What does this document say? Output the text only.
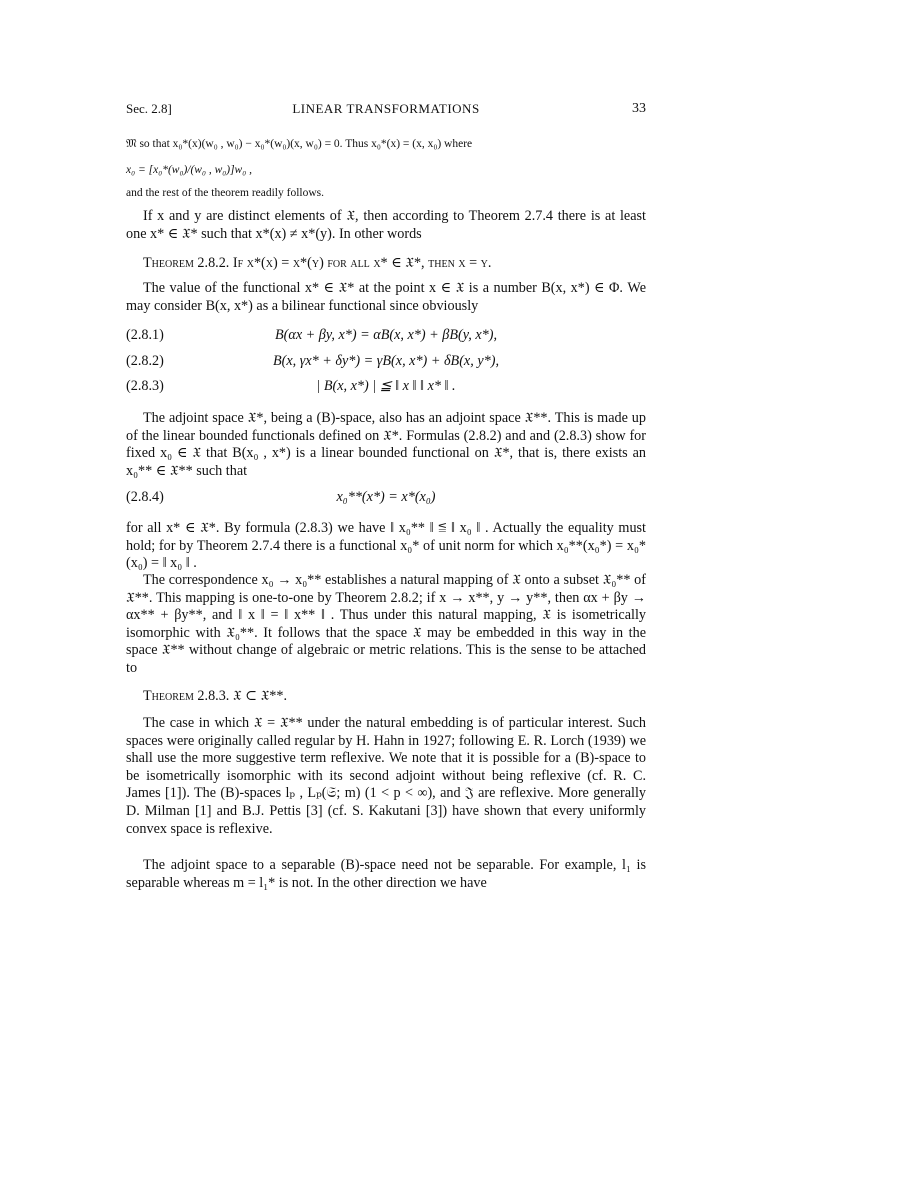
Sec. 2.8]	LINEAR TRANSFORMATIONS	33
𝔐 so that x₀*(x)(w₀ , w₀) − x₀*(w₀)(x, w₀) = 0. Thus x₀*(x) = (x, x₀) where
x₀ = [x₀*(w₀)/(w₀ , w₀)]w₀ ,
and the rest of the theorem readily follows.
If x and y are distinct elements of 𝔛, then according to Theorem 2.7.4 there is at least one x* ∈ 𝔛* such that x*(x) ≠ x*(y). In other words
Theorem 2.8.2. If x*(x) = x*(y) for all x* ∈ 𝔛*, then x = y.
The value of the functional x* ∈ 𝔛* at the point x ∈ 𝔛 is a number B(x, x*) ∈ Φ. We may consider B(x, x*) as a bilinear functional since obviously
(2.8.1)	B(αx + βy, x*) = αB(x, x*) + βB(y, x*),
(2.8.2)	B(x, γx* + δy*) = γB(x, x*) + δB(x, y*),
(2.8.3)	| B(x, x*) | ≦ ‖ x ‖ ‖ x* ‖ .
The adjoint space 𝔛*, being a (B)-space, also has an adjoint space 𝔛**. This is made up of the linear bounded functionals defined on 𝔛*. Formulas (2.8.2) and and (2.8.3) show for fixed x₀ ∈ 𝔛 that B(x₀ , x*) is a linear bounded functional on 𝔛*, that is, there exists an x₀** ∈ 𝔛** such that
(2.8.4)	x₀**(x*) = x*(x₀)
for all x* ∈ 𝔛*. By formula (2.8.3) we have ‖ x₀** ‖ ≦ ‖ x₀ ‖ . Actually the equality must hold; for by Theorem 2.7.4 there is a functional x₀* of unit norm for which x₀**(x₀*) = x₀*(x₀) = ‖ x₀ ‖ .
The correspondence x₀ → x₀** establishes a natural mapping of 𝔛 onto a subset 𝔛₀** of 𝔛**. This mapping is one-to-one by Theorem 2.8.2; if x → x**, y → y**, then αx + βy → αx** + βy**, and ‖ x ‖ = ‖ x** ‖ . Thus under this natural mapping, 𝔛 is isometrically isomorphic with 𝔛₀**. It follows that the space 𝔛 may be embedded in this way in the space 𝔛** without change of algebraic or metric relations. This is the sense to be attached to
Theorem 2.8.3. 𝔛 ⊂ 𝔛**.
The case in which 𝔛 = 𝔛** under the natural embedding is of particular interest. Such spaces were originally called regular by H. Hahn in 1927; following E. R. Lorch (1939) we shall use the more suggestive term reflexive. We note that it is possible for a (B)-space to be isometrically isomorphic with its second adjoint without being reflexive (cf. R. C. James [1]). The (B)-spaces lₚ , Lₚ(𝔖; m) (1 < p < ∞), and 𝔍 are reflexive. More generally D. Milman [1] and B.J. Pettis [3] (cf. S. Kakutani [3]) have shown that every uniformly convex space is reflexive.
The adjoint space to a separable (B)-space need not be separable. For example, l₁ is separable whereas m = l₁* is not. In the other direction we have
